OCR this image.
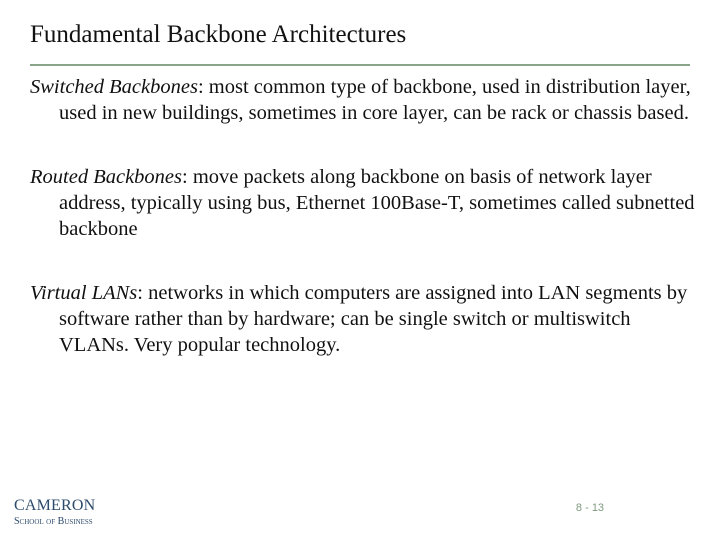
Fundamental Backbone Architectures

Switched Backbones: most common type of backbone, used in distribution layer, used in new buildings, sometimes in core layer, can be rack or chassis based.

Routed Backbones: move packets along backbone on basis of network layer address, typically using bus, Ethernet 100Base-T, sometimes called subnetted backbone

Virtual LANs: networks in which computers are assigned into LAN segments by software rather than by hardware; can be single switch or multiswitch VLANs. Very popular technology.

CAMERON
School of Business
8 - 13
